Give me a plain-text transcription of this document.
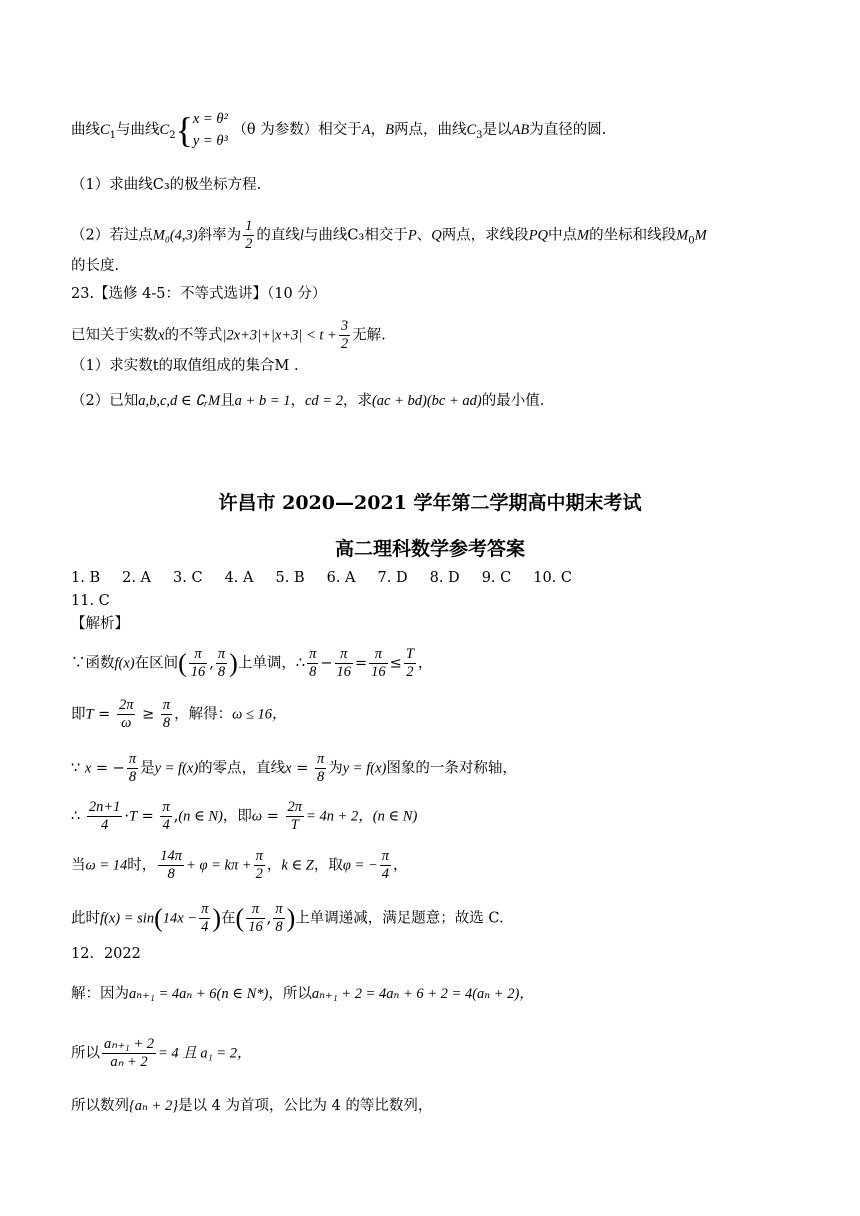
曲线$C_1$与曲线$C_2${ x = θ²
y = θ³
（θ 为参数）相交于A，B两点，曲线$C_3$是以AB为直径的圆.
（1）求曲线C₃的极坐标方程.
（2）若过点M₀(4,3)斜率为 $\frac{1}{2}$ 的直线l与曲线C₃相交于P、Q两点，求线段PQ中点M的坐标和线段$M_0M$
的长度.
23.【选修 4-5：不等式选讲】（10 分）
已知关于实数x的不等式$|2x+3|+|x+3| < t + \frac{3}{2}$ 无解.
（1）求实数t的取值组成的集合M .
（2）已知a,b,c,d ∈ ∁ᵣM且a + b = 1，cd = 2，求(ac + bd)(bc + ad)的最小值.
许昌市 2020—2021 学年第二学期高中期末考试
高二理科数学参考答案
1. B 2. A 3. C 4. A 5. B 6. A 7. D 8. D 9. C 10. C
11. C
【解析】
∵函数f(x)在区间( $\frac{\pi}{16}$ , $\frac{\pi}{8}$ )上单调，∴ $\frac{\pi}{8} - \frac{\pi}{16} = \frac{\pi}{16} \le \frac{T}{2}$ ，
即$T = \frac{2\pi}{\omega} \ge \frac{\pi}{8}$ ，解得：ω ≤ 16，
∵ x = − $\frac{\pi}{8}$ 是y = f(x)的零点，直线$x = \frac{\pi}{8}$ 为y = f(x)图象的一条对称轴，
∴ $\frac{2n+1}{4} \cdot T = \frac{\pi}{4} ,(n$ ∈ N)，即$\omega = \frac{2\pi}{T} = 4n + 2$，(n ∈ N)
当ω = 14时， $\frac{14\pi}{8} + \varphi = k\pi + \frac{\pi}{2}$ ，k ∈ Z，取φ = − $\frac{\pi}{4}$ ，
此时$f(x) = \sin(14x - \frac{\pi}{4}$ )在( $\frac{\pi}{16}$ , $\frac{\pi}{8}$ )上单调递减，满足题意；故选 C.
12．2022
解：因为aₙ₊₁ = 4aₙ + 6(n ∈ N*)，所以aₙ₊₁ + 2 = 4aₙ + 6 + 2 = 4(aₙ + 2)，
所以 $\frac{\text{aₙ₊₁ + 2}}{\text{aₙ + 2}} = 4$ 且 a₁ = 2，
所以数列{aₙ + 2}是以 4 为首项，公比为 4 的等比数列，
